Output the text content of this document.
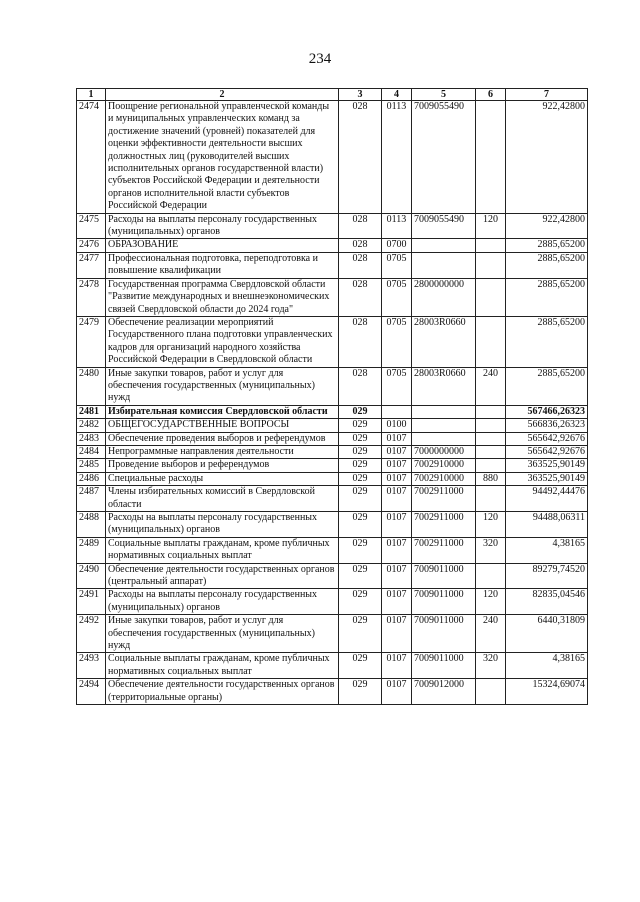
234
1	2	3	4	5	6	7
2474	Поощрение региональной управленческой команды и муниципальных управленческих команд за достижение значений (уровней) показателей для оценки эффективности деятельности высших должностных лиц (руководителей высших исполнительных органов государственной власти) субъектов Российской Федерации и деятельности органов исполнительной власти субъектов Российской Федерации	028	0113	7009055490		922,42800
2475	Расходы на выплаты персоналу государственных (муниципальных) органов	028	0113	7009055490	120	922,42800
2476	ОБРАЗОВАНИЕ	028	0700			2885,65200
2477	Профессиональная подготовка, переподготовка и повышение квалификации	028	0705			2885,65200
2478	Государственная программа Свердловской области "Развитие международных и внешнеэкономических связей Свердловской области до 2024 года"	028	0705	2800000000		2885,65200
2479	Обеспечение реализации мероприятий Государственного плана подготовки управленческих кадров для организаций народного хозяйства Российской Федерации в Свердловской области	028	0705	28003R0660		2885,65200
2480	Иные закупки товаров, работ и услуг для обеспечения государственных (муниципальных) нужд	028	0705	28003R0660	240	2885,65200
2481	Избирательная комиссия Свердловской области	029				567466,26323
2482	ОБЩЕГОСУДАРСТВЕННЫЕ ВОПРОСЫ	029	0100			566836,26323
2483	Обеспечение проведения выборов и референдумов	029	0107			565642,92676
2484	Непрограммные направления деятельности	029	0107	7000000000		565642,92676
2485	Проведение выборов и референдумов	029	0107	7002910000		363525,90149
2486	Специальные расходы	029	0107	7002910000	880	363525,90149
2487	Члены избирательных комиссий в Свердловской области	029	0107	7002911000		94492,44476
2488	Расходы на выплаты персоналу государственных (муниципальных) органов	029	0107	7002911000	120	94488,06311
2489	Социальные выплаты гражданам, кроме публичных нормативных социальных выплат	029	0107	7002911000	320	4,38165
2490	Обеспечение деятельности государственных органов (центральный аппарат)	029	0107	7009011000		89279,74520
2491	Расходы на выплаты персоналу государственных (муниципальных) органов	029	0107	7009011000	120	82835,04546
2492	Иные закупки товаров, работ и услуг для обеспечения государственных (муниципальных) нужд	029	0107	7009011000	240	6440,31809
2493	Социальные выплаты гражданам, кроме публичных нормативных социальных выплат	029	0107	7009011000	320	4,38165
2494	Обеспечение деятельности государственных органов (территориальные органы)	029	0107	7009012000		15324,69074
